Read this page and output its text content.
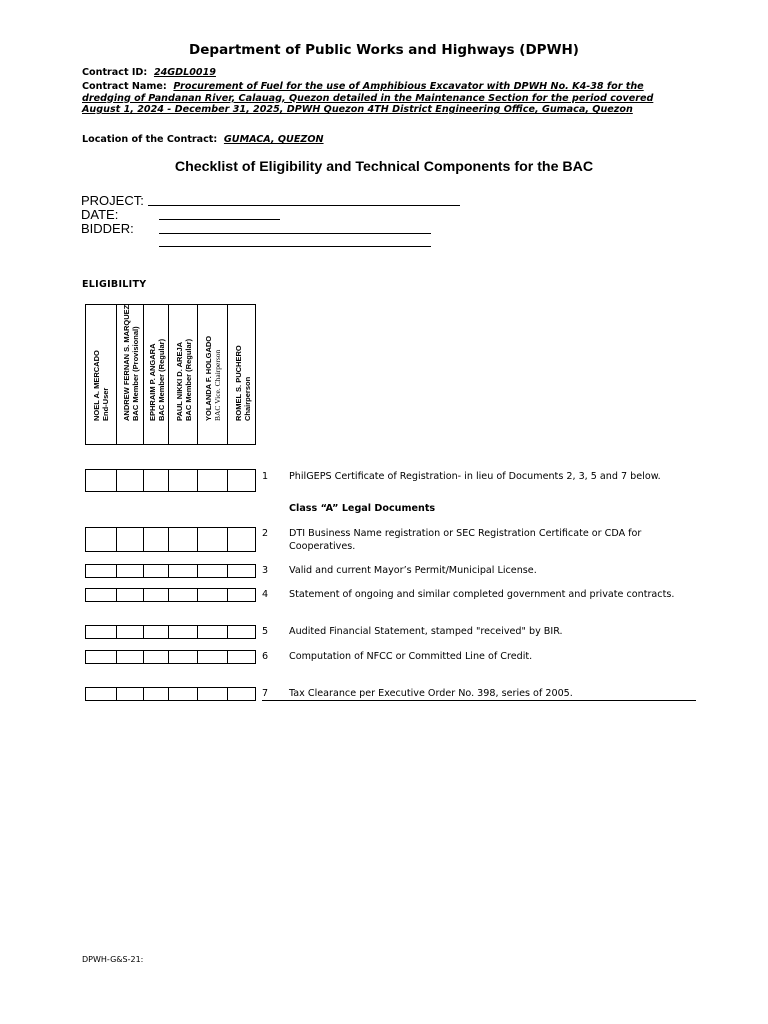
Department of Public Works and Highways (DPWH)
Contract ID: 24GDL0019
Contract Name: Procurement of Fuel for the use of Amphibious Excavator with DPWH No. K4-38 for the dredging of Pandanan River, Calauag, Quezon detailed in the Maintenance Section for the period covered August 1, 2024 - December 31, 2025, DPWH Quezon 4TH District Engineering Office, Gumaca, Quezon
Location of the Contract: GUMACA, QUEZON
Checklist of Eligibility and Technical Components for the BAC
PROJECT:
DATE:
BIDDER:
ELIGIBILITY
NOEL A. MERCADO End-User ANDREW FERNAN S. MARQUEZ BAC Member (Provisional) EPHRAIM P. ANGARA BAC Member (Regular) PAUL NIKKI D. AREJA BAC Member (Regular) YOLANDA F. HOLGADO BAC Vice. Chairperson ROMEL S. PUCHERO Chairperson
1 PhilGEPS Certificate of Registration- in lieu of Documents 2, 3, 5 and 7 below.
Class “A” Legal Documents
2 DTI Business Name registration or SEC Registration Certificate or CDA for Cooperatives.
3 Valid and current Mayor’s Permit/Municipal License.
4 Statement of ongoing and similar completed government and private contracts.
5 Audited Financial Statement, stamped "received" by BIR.
6 Computation of NFCC or Committed Line of Credit.
7 Tax Clearance per Executive Order No. 398, series of 2005.
DPWH-G&S-21:
